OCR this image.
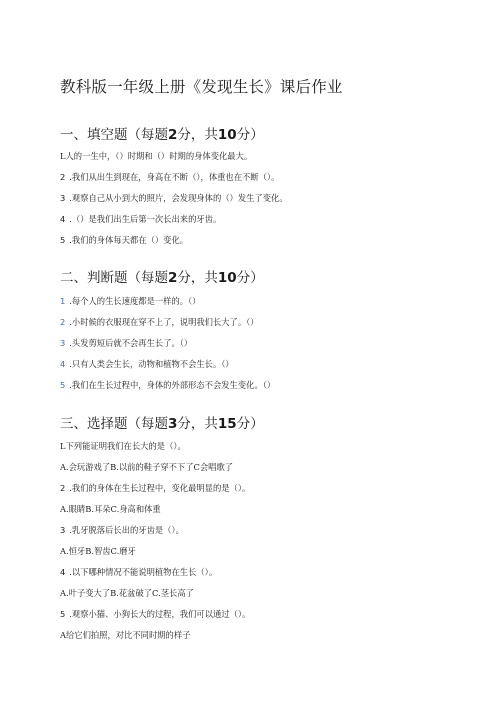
教科版一年级上册《发现生长》课后作业
一、填空题（每题2分，共10分）
L人的一生中，（）时期和（）时期的身体变化最大。
2 .我们从出生到现在，身高在不断（），体重也在不断（）。
3 .观察自己从小到大的照片，会发现身体的（）发生了变化。
4 .（）是我们出生后第一次长出来的牙齿。
5 .我们的身体每天都在（）变化。
二、判断题（每题2分，共10分）
1 .每个人的生长速度都是一样的。（）
2 .小时候的衣服现在穿不上了，说明我们长大了。（）
3 .头发剪短后就不会再生长了。（）
4 .只有人类会生长，动物和植物不会生长。（）
5 .我们在生长过程中，身体的外部形态不会发生变化。（）
三、选择题（每题3分，共15分）
L下列能证明我们在长大的是（）。
A.会玩游戏了B.以前的鞋子穿不下了C会唱歌了
2 .我们的身体在生长过程中，变化最明显的是（）。
A.眼睛B.耳朵C.身高和体重
3 .乳牙脱落后长出的牙齿是（）。
A.恒牙B.智齿C.磨牙
4 .以下哪种情况不能说明植物在生长（）。
A.叶子变大了B.花盆破了C.茎长高了
5 .观察小猫、小狗长大的过程，我们可以通过（）。
A给它们拍照，对比不同时期的样子
